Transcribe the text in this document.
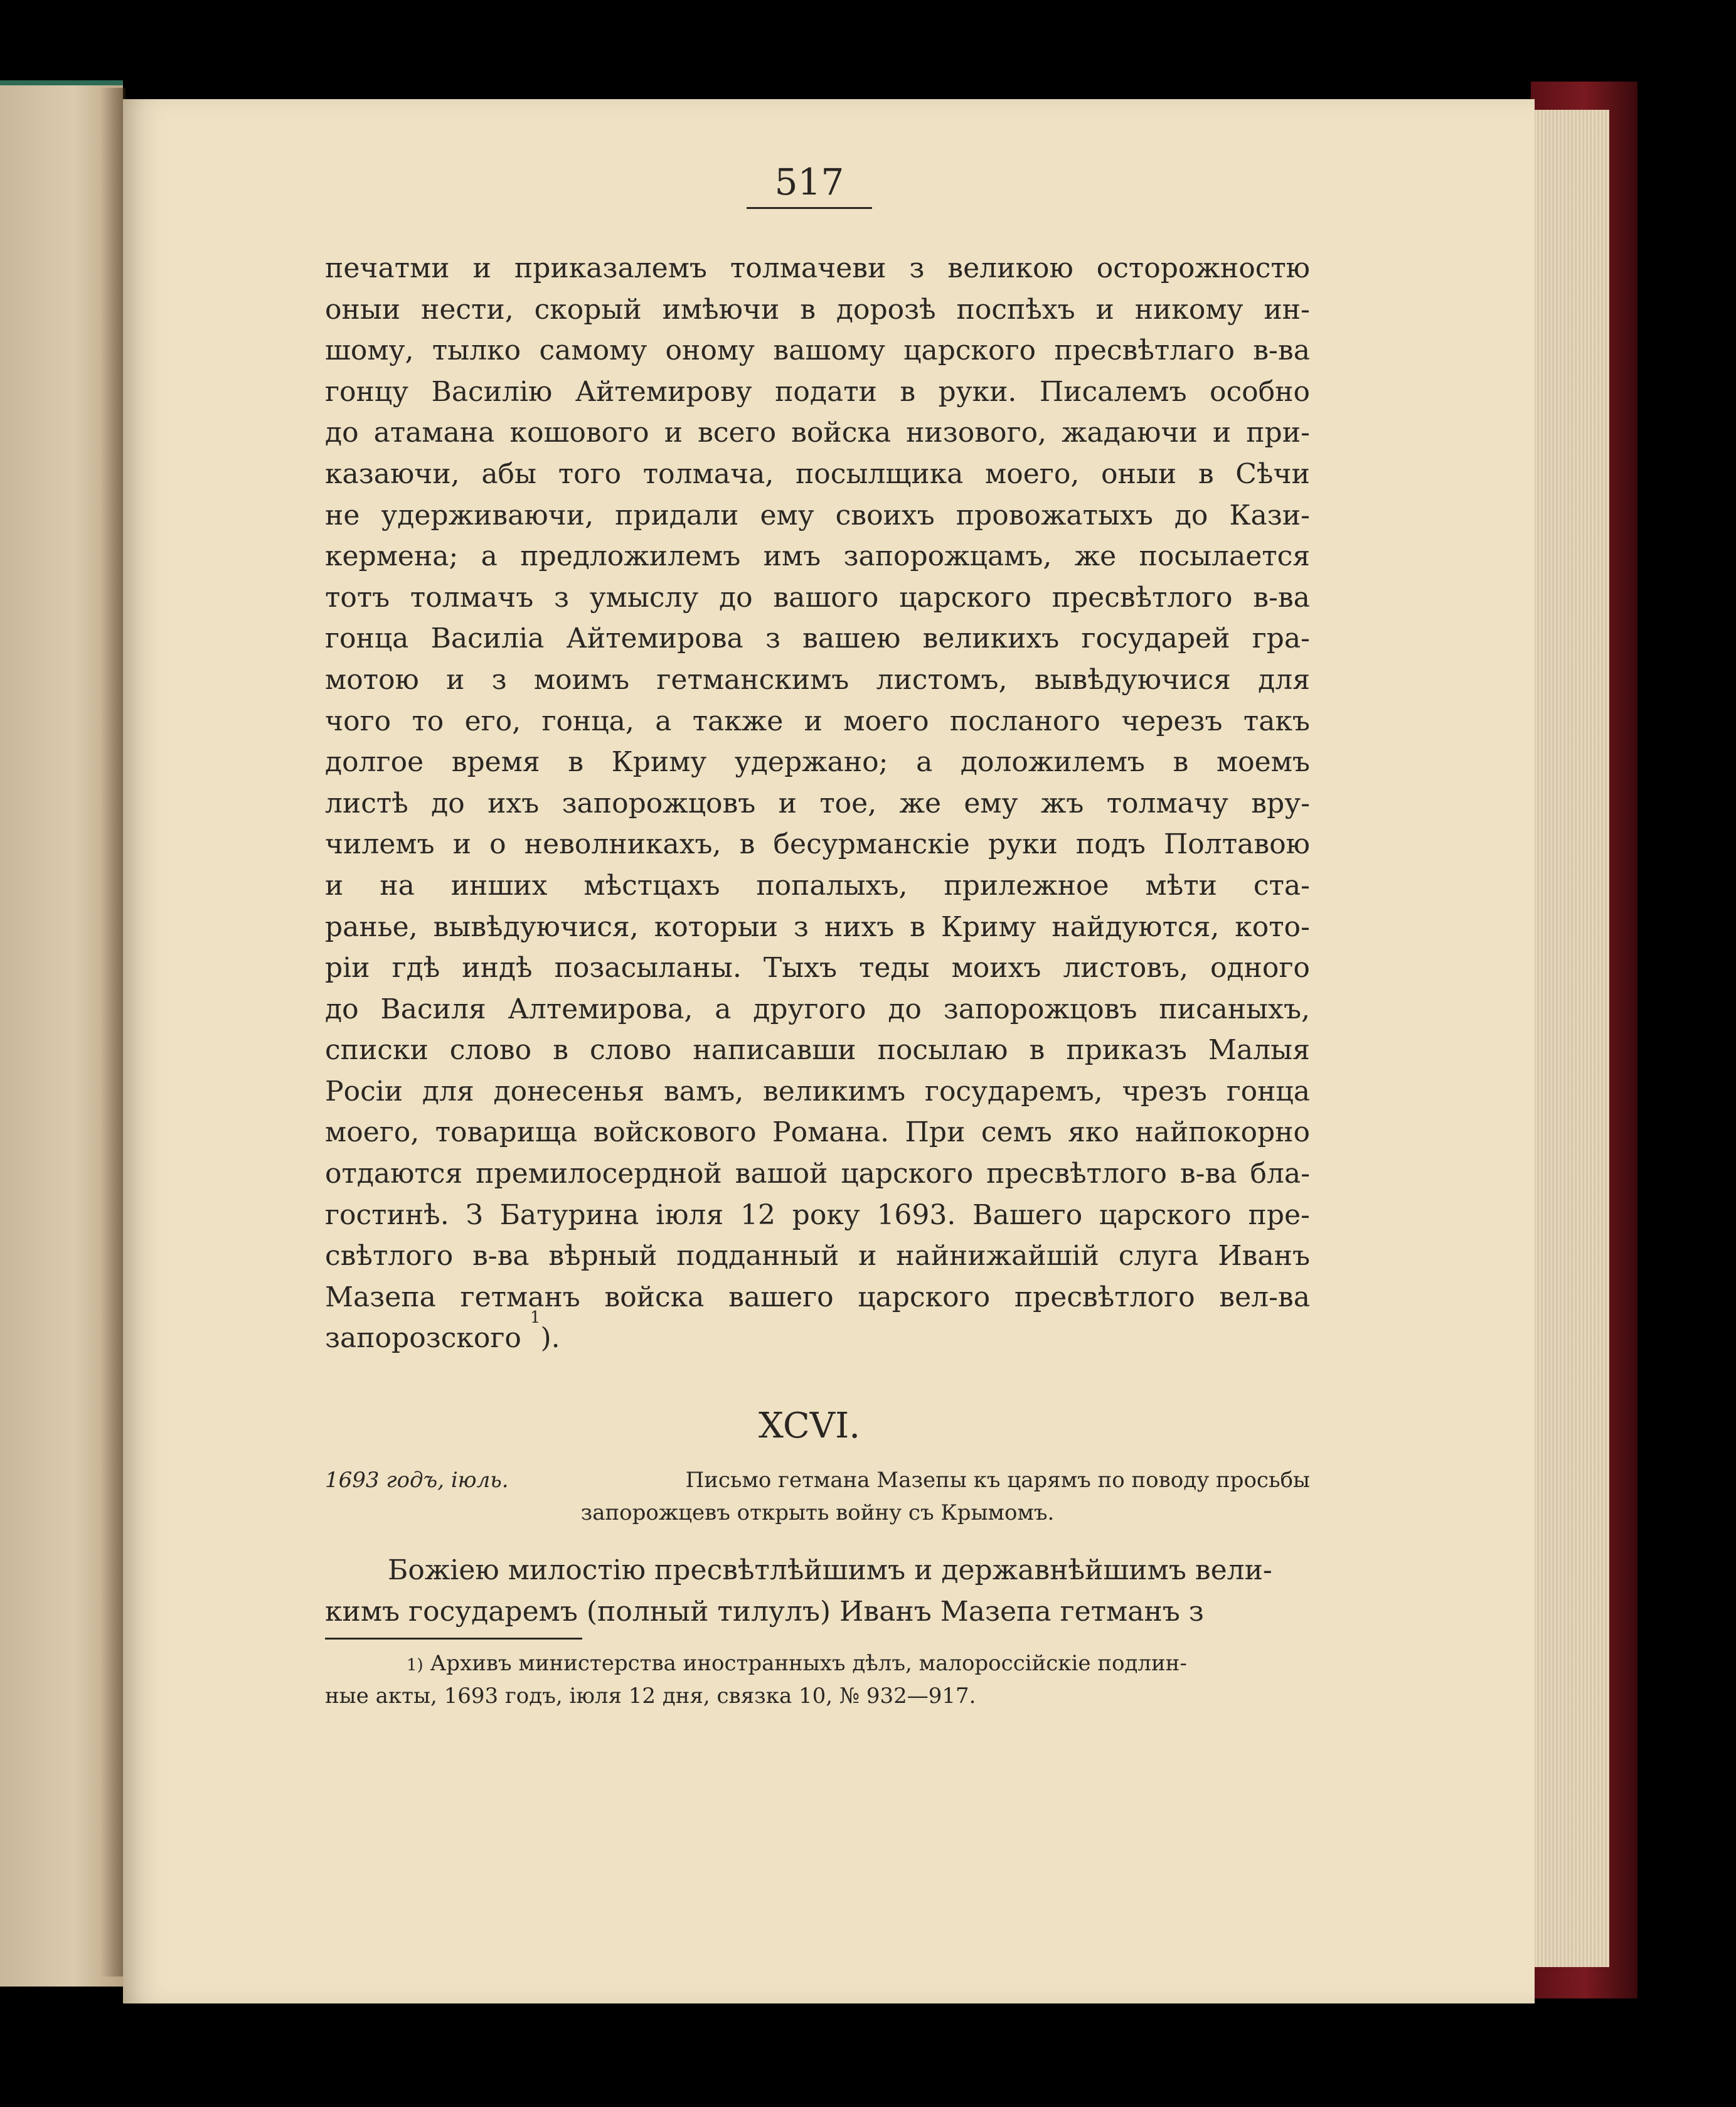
517
печатми и приказалемъ толмачеви з великою осторожностю
оныи нести, скорый имѣючи в дорозѣ поспѣхъ и никому ин-
шому, тылко самому оному вашому царского пресвѣтлаго в-ва
гонцу Василію Айтемирову подати в руки. Писалемъ особно
до атамана кошового и всего войска низового, жадаючи и при-
казаючи, абы того толмача, посылщика моего, оныи в Сѣчи
не удерживаючи, придали ему своихъ провожатыхъ до Кази-
кермена; а предложилемъ имъ запорожцамъ, же посылается
тотъ толмачъ з умыслу до вашого царского пресвѣтлого в-ва
гонца Василіа Айтемирова з вашею великихъ государей гра-
мотою и з моимъ гетманскимъ листомъ, вывѣдуючися для
чого то его, гонца, а также и моего посланого черезъ такъ
долгое время в Криму удержано; а доложилемъ в моемъ
листѣ до ихъ запорожцовъ и тое, же ему жъ толмачу вру-
чилемъ и о неволникахъ, в бесурманскіе руки подъ Полтавою
и на инших мѣстцахъ попалыхъ, прилежное мѣти ста-
ранье, вывѣдуючися, которыи з нихъ в Криму найдуются, кото-
ріи гдѣ индѣ позасыланы. Тыхъ теды моихъ листовъ, одного
до Василя Алтемирова, а другого до запорожцовъ писаныхъ,
списки слово в слово написавши посылаю в приказъ Малыя
Росіи для донесенья вамъ, великимъ государемъ, чрезъ гонца
моего, товарища войскового Романа. При семъ яко найпокорно
отдаются премилосердной вашой царского пресвѣтлого в-ва бла-
гостинѣ. З Батурина іюля 12 року 1693. Вашего царского пре-
свѣтлого в-ва вѣрный подданный и найнижайшій слуга Иванъ
Мазепа гетманъ войска вашего царского пресвѣтлого вел-ва
запорозского

1
).
XCVI.
1693 годъ, іюль.	Письмо гетмана Мазепы къ царямъ по поводу просьбы
запорожцевъ открыть войну съ Крымомъ.
Божіею милостію пресвѣтлѣйшимъ и державнѣйшимъ вели-
кимъ государемъ (полный тилулъ) Иванъ Мазепа гетманъ з
1) Архивъ министерства иностранныхъ дѣлъ, малороссійскіе подлин-
ные акты, 1693 годъ, іюля 12 дня, связка 10, № 932—917.
